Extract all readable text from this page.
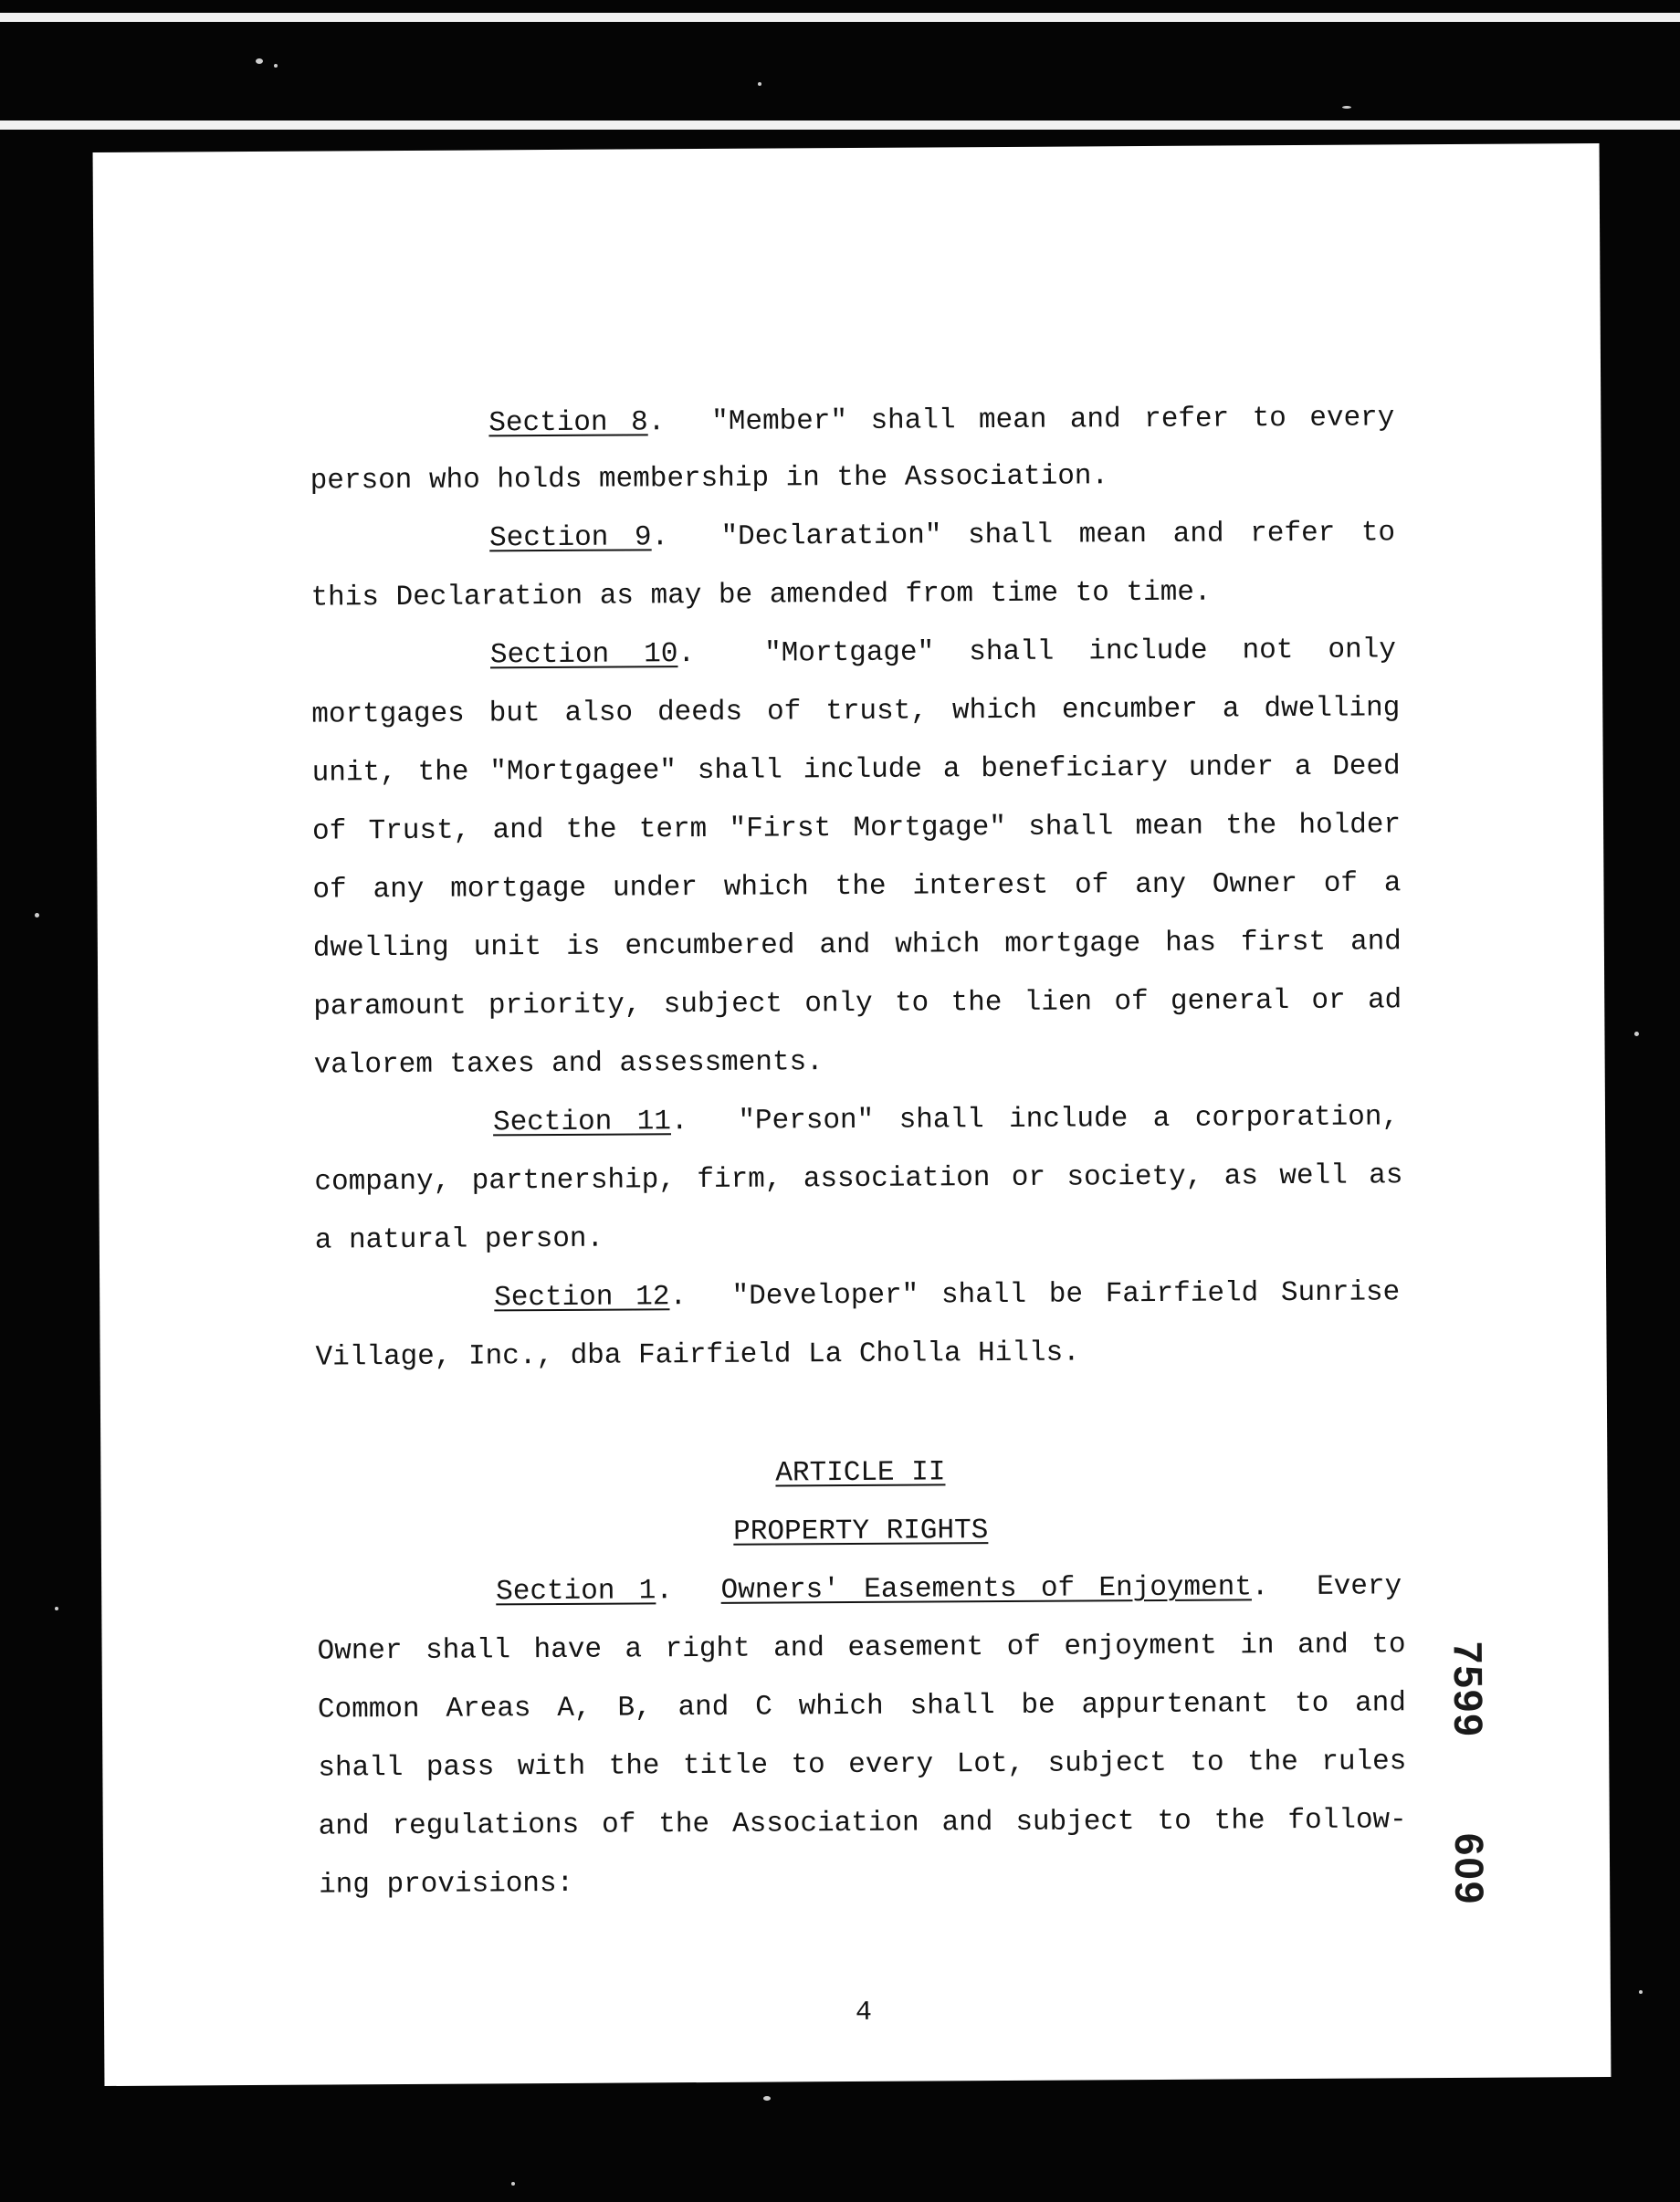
Section 8.  "Member" shall mean and refer to every
person who holds membership in the Association.
Section 9.  "Declaration" shall mean and refer to
this Declaration as may be amended from time to time.
Section 10.  "Mortgage" shall include not only
mortgages but also deeds of trust, which encumber a dwelling
unit, the "Mortgagee" shall include a beneficiary under a Deed
of Trust, and the term "First Mortgage" shall mean the holder
of any mortgage under which the interest of any Owner of a
dwelling unit is encumbered and which mortgage has first and
paramount priority, subject only to the lien of general or ad
valorem taxes and assessments.
Section 11.  "Person" shall include a corporation,
company, partnership, firm, association or society, as well as
a natural person.
Section 12.  "Developer" shall be Fairfield Sunrise
Village, Inc., dba Fairfield La Cholla Hills.
ARTICLE II
PROPERTY RIGHTS
Section 1.  Owners' Easements of Enjoyment.  Every
Owner shall have a right and easement of enjoyment in and to
Common Areas A, B, and C which shall be appurtenant to and
shall pass with the title to every Lot, subject to the rules
and regulations of the Association and subject to the follow-
ing provisions:
7599
609
4
